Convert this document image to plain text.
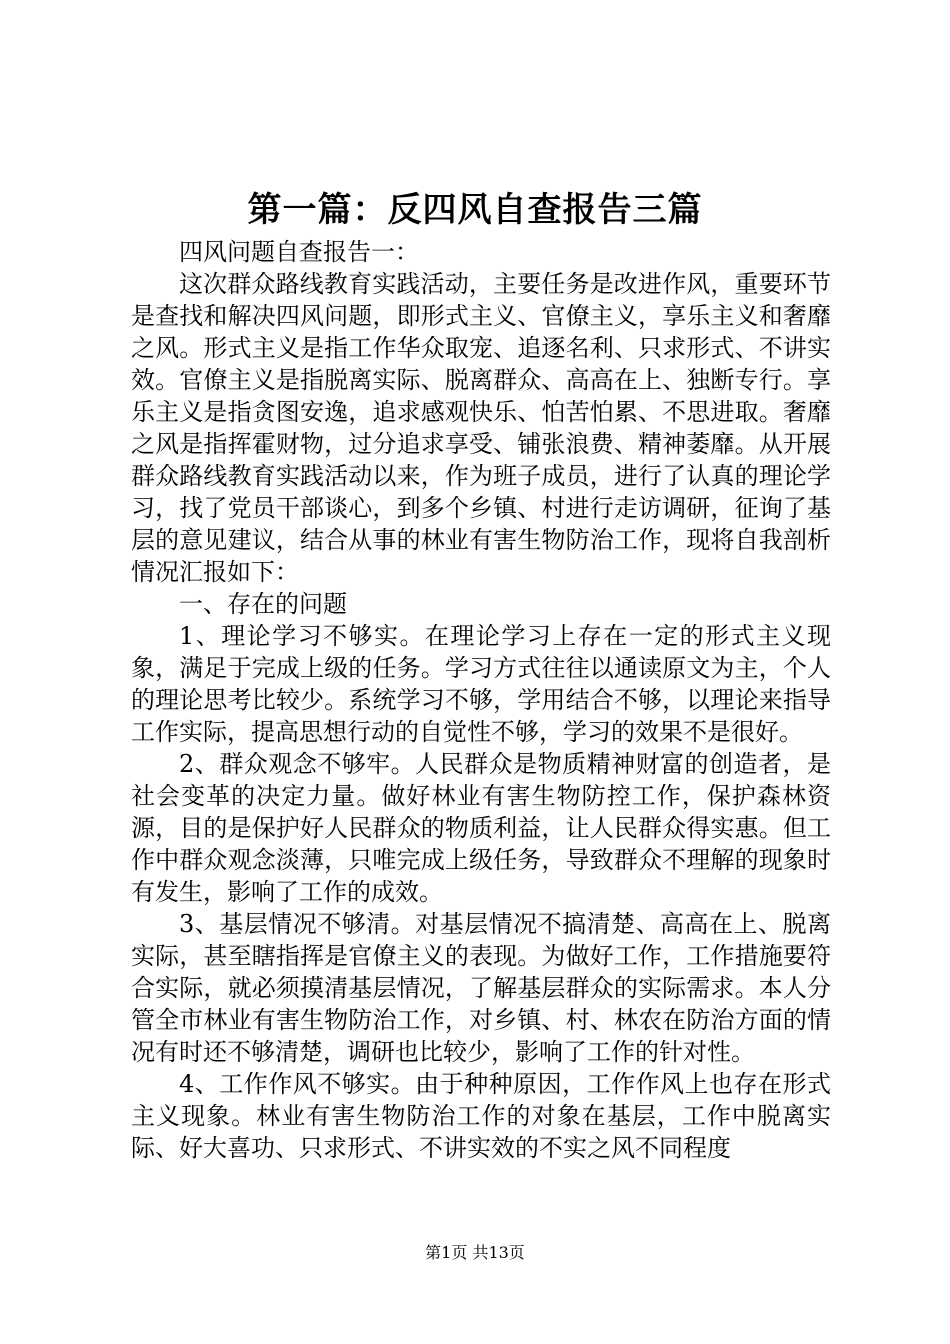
第一篇：反四风自查报告三篇

四风问题自查报告一：

这次群众路线教育实践活动，主要任务是改进作风，重要环节是查找和解决四风问题，即形式主义、官僚主义，享乐主义和奢靡之风。形式主义是指工作华众取宠、追逐名利、只求形式、不讲实效。官僚主义是指脱离实际、脱离群众、高高在上、独断专行。享乐主义是指贪图安逸，追求感观快乐、怕苦怕累、不思进取。奢靡之风是指挥霍财物，过分追求享受、铺张浪费、精神萎靡。从开展群众路线教育实践活动以来，作为班子成员，进行了认真的理论学习，找了党员干部谈心，到多个乡镇、村进行走访调研，征询了基层的意见建议，结合从事的林业有害生物防治工作，现将自我剖析情况汇报如下：

一、存在的问题

1、理论学习不够实。在理论学习上存在一定的形式主义现象，满足于完成上级的任务。学习方式往往以通读原文为主，个人的理论思考比较少。系统学习不够，学用结合不够，以理论来指导工作实际，提高思想行动的自觉性不够，学习的效果不是很好。

2、群众观念不够牢。人民群众是物质精神财富的创造者，是社会变革的决定力量。做好林业有害生物防控工作，保护森林资源，目的是保护好人民群众的物质利益，让人民群众得实惠。但工作中群众观念淡薄，只唯完成上级任务，导致群众不理解的现象时有发生，影响了工作的成效。

3、基层情况不够清。对基层情况不搞清楚、高高在上、脱离实际，甚至瞎指挥是官僚主义的表现。为做好工作，工作措施要符合实际，就必须摸清基层情况，了解基层群众的实际需求。本人分管全市林业有害生物防治工作，对乡镇、村、林农在防治方面的情况有时还不够清楚，调研也比较少，影响了工作的针对性。

4、工作作风不够实。由于种种原因，工作作风上也存在形式主义现象。林业有害生物防治工作的对象在基层，工作中脱离实际、好大喜功、只求形式、不讲实效的不实之风不同程度

第1页 共13页
